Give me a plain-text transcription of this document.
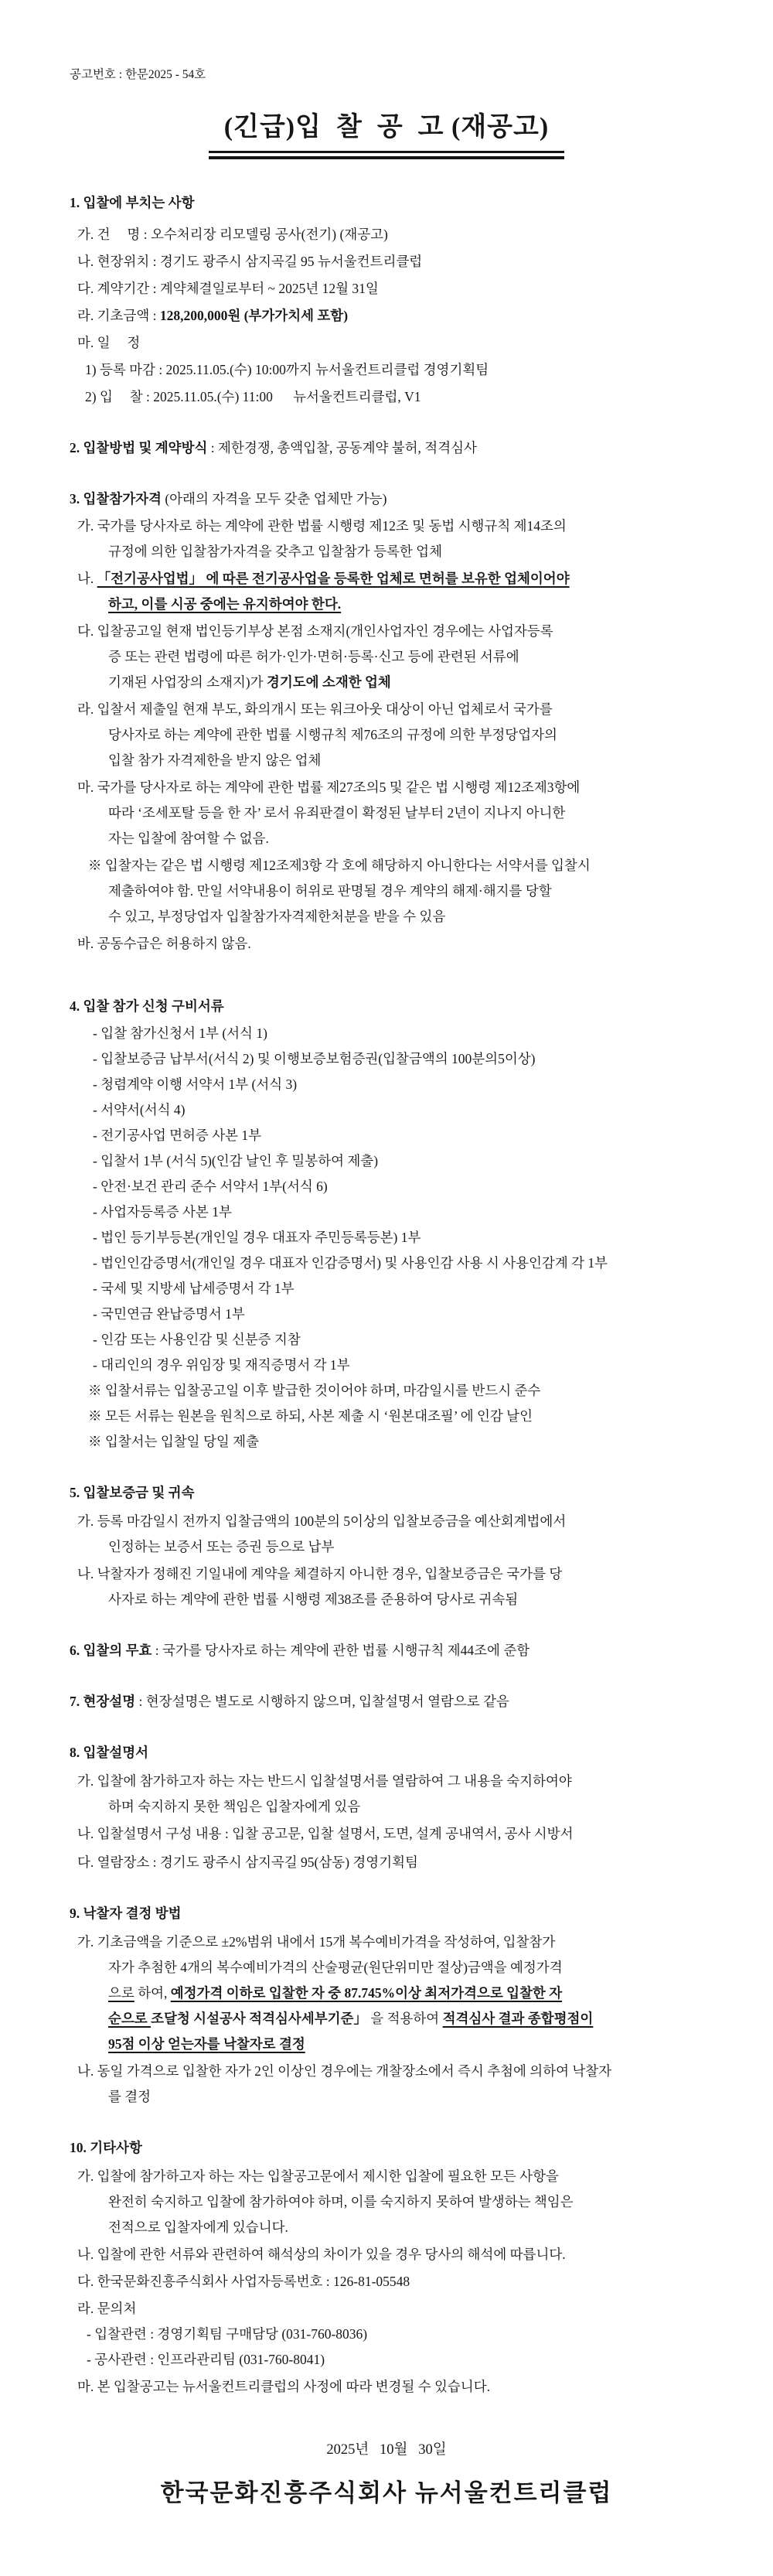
공고번호 : 한문2025 - 54호
(긴급)입  찰  공  고 (재공고)
1. 입찰에 부치는 사항
가. 건     명 : 오수처리장 리모델링 공사(전기) (재공고)
나. 현장위치 : 경기도 광주시 삼지곡길 95 뉴서울컨트리클럽
다. 계약기간 : 계약체결일로부터 ~ 2025년 12월 31일
라. 기초금액 : 128,200,000원 (부가가치세 포함)
마. 일     정
1) 등록 마감 : 2025.11.05.(수) 10:00까지 뉴서울컨트리클럽 경영기획팀
2) 입     찰 : 2025.11.05.(수) 11:00      뉴서울컨트리클럽, V1
2. 입찰방법 및 계약방식 : 제한경쟁, 총액입찰, 공동계약 불허, 적격심사
3. 입찰참가자격 (아래의 자격을 모두 갖춘 업체만 가능)
가. 국가를 당사자로 하는 계약에 관한 법률 시행령 제12조 및 동법 시행규칙 제14조의
규정에 의한 입찰참가자격을 갖추고 입찰참가 등록한 업체
나. 「전기공사업법」 에 따른 전기공사업을 등록한 업체로 면허를 보유한 업체이어야
하고, 이를 시공 중에는 유지하여야 한다.
다. 입찰공고일 현재 법인등기부상 본점 소재지(개인사업자인 경우에는 사업자등록
증 또는 관련 법령에 따른 허가·인가·면허·등록·신고 등에 관련된 서류에
기재된 사업장의 소재지)가 경기도에 소재한 업체
라. 입찰서 제출일 현재 부도, 화의개시 또는 워크아웃 대상이 아닌 업체로서 국가를
당사자로 하는 계약에 관한 법률 시행규칙 제76조의 규정에 의한 부정당업자의
입찰 참가 자격제한을 받지 않은 업체
마. 국가를 당사자로 하는 계약에 관한 법률 제27조의5 및 같은 법 시행령 제12조제3항에
따라 ‘조세포탈 등을 한 자’ 로서 유죄판결이 확정된 날부터 2년이 지나지 아니한
자는 입찰에 참여할 수 없음.
※ 입찰자는 같은 법 시행령 제12조제3항 각 호에 해당하지 아니한다는 서약서를 입찰시
제출하여야 함. 만일 서약내용이 허위로 판명될 경우 계약의 해제·해지를 당할
수 있고, 부정당업자 입찰참가자격제한처분을 받을 수 있음
바. 공동수급은 허용하지 않음.
4. 입찰 참가 신청 구비서류
- 입찰 참가신청서 1부 (서식 1)
- 입찰보증금 납부서(서식 2) 및 이행보증보험증권(입찰금액의 100분의5이상)
- 청렴계약 이행 서약서 1부 (서식 3)
- 서약서(서식 4)
- 전기공사업 면허증 사본 1부
- 입찰서 1부 (서식 5)(인감 날인 후 밀봉하여 제출)
- 안전·보건 관리 준수 서약서 1부(서식 6)
- 사업자등록증 사본 1부
- 법인 등기부등본(개인일 경우 대표자 주민등록등본) 1부
- 법인인감증명서(개인일 경우 대표자 인감증명서) 및 사용인감 사용 시 사용인감계 각 1부
- 국세 및 지방세 납세증명서 각 1부
- 국민연금 완납증명서 1부
- 인감 또는 사용인감 및 신분증 지참
- 대리인의 경우 위임장 및 재직증명서 각 1부
※ 입찰서류는 입찰공고일 이후 발급한 것이어야 하며, 마감일시를 반드시 준수
※ 모든 서류는 원본을 원칙으로 하되, 사본 제출 시 ‘원본대조필’ 에 인감 날인
※ 입찰서는 입찰일 당일 제출
5. 입찰보증금 및 귀속
가. 등록 마감일시 전까지 입찰금액의 100분의 5이상의 입찰보증금을 예산회계법에서
인정하는 보증서 또는 증권 등으로 납부
나. 낙찰자가 정해진 기일내에 계약을 체결하지 아니한 경우, 입찰보증금은 국가를 당
사자로 하는 계약에 관한 법률 시행령 제38조를 준용하여 당사로 귀속됨
6. 입찰의 무효 : 국가를 당사자로 하는 계약에 관한 법률 시행규칙 제44조에 준함
7. 현장설명 : 현장설명은 별도로 시행하지 않으며, 입찰설명서 열람으로 같음
8. 입찰설명서
가. 입찰에 참가하고자 하는 자는 반드시 입찰설명서를 열람하여 그 내용을 숙지하여야
하며 숙지하지 못한 책임은 입찰자에게 있음
나. 입찰설명서 구성 내용 : 입찰 공고문, 입찰 설명서, 도면, 설계 공내역서, 공사 시방서
다. 열람장소 : 경기도 광주시 삼지곡길 95(삼동) 경영기획팀
9. 낙찰자 결정 방법
가. 기초금액을 기준으로 ±2%범위 내에서 15개 복수예비가격을 작성하여, 입찰참가
자가 추첨한 4개의 복수예비가격의 산술평균(원단위미만 절상)금액을 예정가격
으로 하여, 예정가격 이하로 입찰한 자 중 87.745%이상 최저가격으로 입찰한 자
순으로 조달청 시설공사 적격심사세부기준」 을 적용하여 적격심사 결과 종합평점이
95점 이상 얻는자를 낙찰자로 결정
나. 동일 가격으로 입찰한 자가 2인 이상인 경우에는 개찰장소에서 즉시 추첨에 의하여 낙찰자
를 결정
10. 기타사항
가. 입찰에 참가하고자 하는 자는 입찰공고문에서 제시한 입찰에 필요한 모든 사항을
완전히 숙지하고 입찰에 참가하여야 하며, 이를 숙지하지 못하여 발생하는 책임은
전적으로 입찰자에게 있습니다.
나. 입찰에 관한 서류와 관련하여 해석상의 차이가 있을 경우 당사의 해석에 따릅니다.
다. 한국문화진흥주식회사 사업자등록번호 : 126-81-05548
라. 문의처
- 입찰관련 : 경영기획팀 구매담당 (031-760-8036)
- 공사관련 : 인프라관리팀 (031-760-8041)
마. 본 입찰공고는 뉴서울컨트리클럽의 사정에 따라 변경될 수 있습니다.
2025년   10월   30일
한국문화진흥주식회사 뉴서울컨트리클럽
